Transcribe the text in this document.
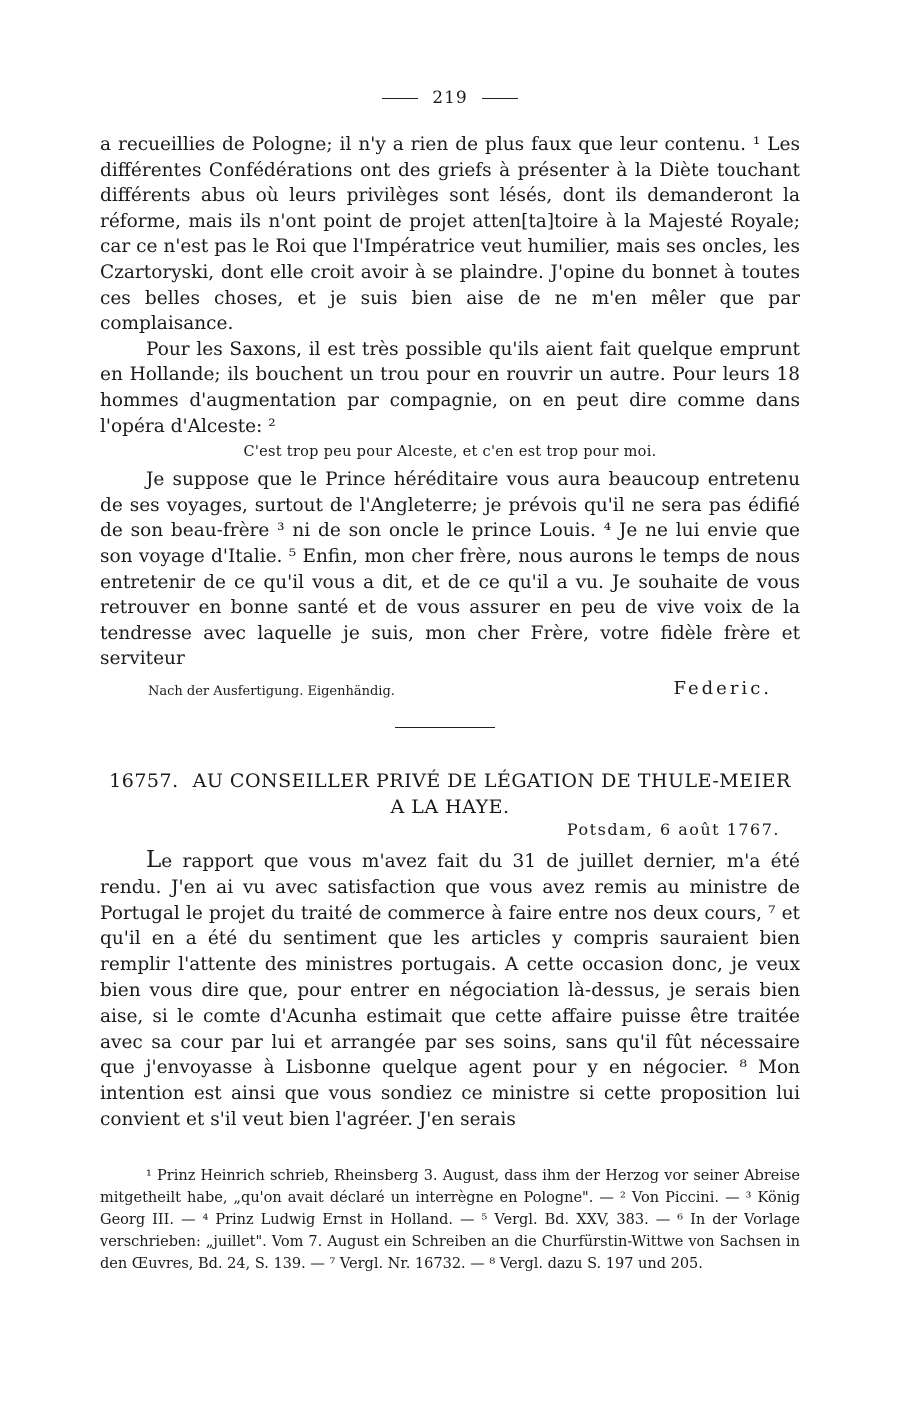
219

a recueillies de Pologne; il n'y a rien de plus faux que leur contenu. ¹ Les différentes Confédérations ont des griefs à présenter à la Diète touchant différents abus où leurs privilèges sont lésés, dont ils demanderont la réforme, mais ils n'ont point de projet atten[ta]toire à la Majesté Royale; car ce n'est pas le Roi que l'Impératrice veut humilier, mais ses oncles, les Czartoryski, dont elle croit avoir à se plaindre. J'opine du bonnet à toutes ces belles choses, et je suis bien aise de ne m'en mêler que par complaisance.

Pour les Saxons, il est très possible qu'ils aient fait quelque emprunt en Hollande; ils bouchent un trou pour en rouvrir un autre. Pour leurs 18 hommes d'augmentation par compagnie, on en peut dire comme dans l'opéra d'Alceste: ²

C'est trop peu pour Alceste, et c'en est trop pour moi.

Je suppose que le Prince héréditaire vous aura beaucoup entretenu de ses voyages, surtout de l'Angleterre; je prévois qu'il ne sera pas édifié de son beau-frère ³ ni de son oncle le prince Louis. ⁴ Je ne lui envie que son voyage d'Italie. ⁵ Enfin, mon cher frère, nous aurons le temps de nous entretenir de ce qu'il vous a dit, et de ce qu'il a vu. Je souhaite de vous retrouver en bonne santé et de vous assurer en peu de vive voix de la tendresse avec laquelle je suis, mon cher Frère, votre fidèle frère et serviteur

Nach der Ausfertigung. Eigenhändig.	Federic.
16757. AU CONSEILLER PRIVÉ DE LÉGATION DE THULE-MEIER A LA HAYE.
Potsdam, 6 août 1767.

Le rapport que vous m'avez fait du 31 de juillet dernier, m'a été rendu. J'en ai vu avec satisfaction que vous avez remis au ministre de Portugal le projet du traité de commerce à faire entre nos deux cours, ⁷ et qu'il en a été du sentiment que les articles y compris sauraient bien remplir l'attente des ministres portugais. A cette occasion donc, je veux bien vous dire que, pour entrer en négociation là-dessus, je serais bien aise, si le comte d'Acunha estimait que cette affaire puisse être traitée avec sa cour par lui et arrangée par ses soins, sans qu'il fût nécessaire que j'envoyasse à Lisbonne quelque agent pour y en négocier. ⁸ Mon intention est ainsi que vous sondiez ce ministre si cette proposition lui convient et s'il veut bien l'agréer. J'en serais

¹ Prinz Heinrich schrieb, Rheinsberg 3. August, dass ihm der Herzog vor seiner Abreise mitgetheilt habe, „qu'on avait déclaré un interrègne en Pologne". — ² Von Piccini. — ³ König Georg III. — ⁴ Prinz Ludwig Ernst in Holland. — ⁵ Vergl. Bd. XXV, 383. — ⁶ In der Vorlage verschrieben: „juillet". Vom 7. August ein Schreiben an die Churfürstin-Wittwe von Sachsen in den Œuvres, Bd. 24, S. 139. — ⁷ Vergl. Nr. 16732. — ⁸ Vergl. dazu S. 197 und 205.
